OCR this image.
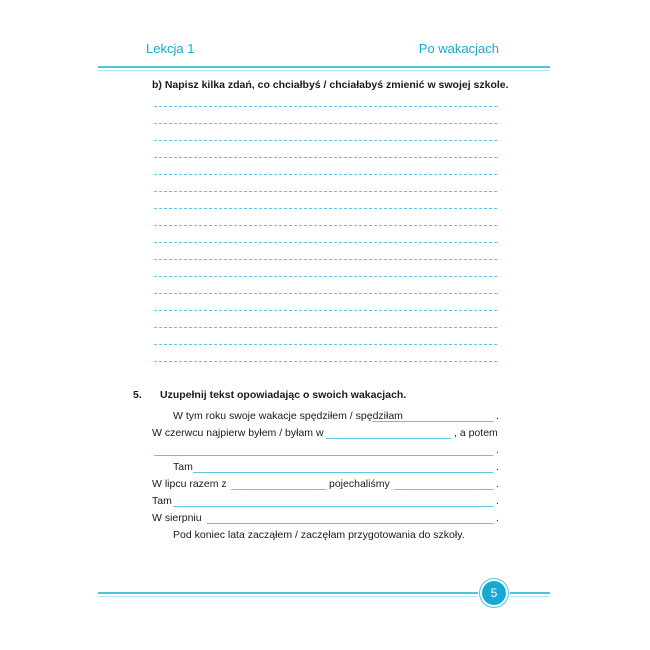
Lekcja 1	Po wakacjach

b) Napisz kilka zdań, co chciałbyś / chciałabyś zmienić w swojej szkole.

5. Uzupełnij tekst opowiadając o swoich wakacjach.

W tym roku swoje wakacje spędziłem / spędziłam	.
W czerwcu najpierw byłem / byłam w	, a potem
.
Tam	.
W lipcu razem z	pojechaliśmy	.
Tam	.
W sierpniu	.
Pod koniec lata zacząłem / zaczęłam przygotowania do szkoły.
5
